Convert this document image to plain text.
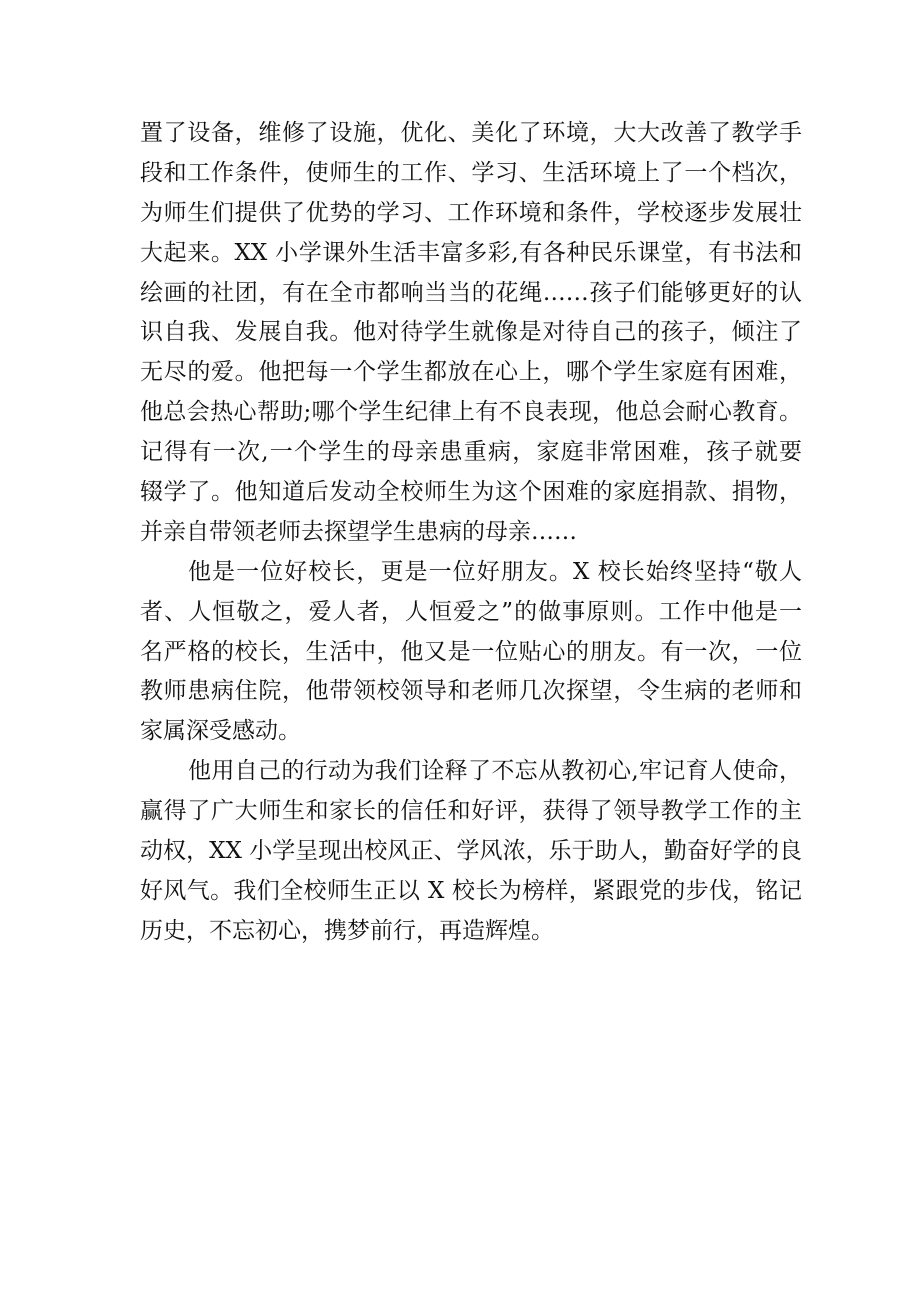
置了设备，维修了设施，优化、美化了环境，大大改善了教学手
段和工作条件，使师生的工作、学习、生活环境上了一个档次，
为师生们提供了优势的学习、工作环境和条件，学校逐步发展壮
大起来。XX 小学课外生活丰富多彩,有各种民乐课堂，有书法和
绘画的社团，有在全市都响当当的花绳……孩子们能够更好的认
识自我、发展自我。他对待学生就像是对待自己的孩子，倾注了
无尽的爱。他把每一个学生都放在心上，哪个学生家庭有困难，
他总会热心帮助;哪个学生纪律上有不良表现，他总会耐心教育。
记得有一次,一个学生的母亲患重病，家庭非常困难，孩子就要
辍学了。他知道后发动全校师生为这个困难的家庭捐款、捐物，
并亲自带领老师去探望学生患病的母亲……
他是一位好校长，更是一位好朋友。X 校长始终坚持“敬人
者、人恒敬之，爱人者，人恒爱之”的做事原则。工作中他是一
名严格的校长，生活中，他又是一位贴心的朋友。有一次，一位
教师患病住院，他带领校领导和老师几次探望，令生病的老师和
家属深受感动。
他用自己的行动为我们诠释了不忘从教初心,牢记育人使命，
赢得了广大师生和家长的信任和好评，获得了领导教学工作的主
动权，XX 小学呈现出校风正、学风浓，乐于助人，勤奋好学的良
好风气。我们全校师生正以 X 校长为榜样，紧跟党的步伐，铭记
历史，不忘初心，携梦前行，再造辉煌。
